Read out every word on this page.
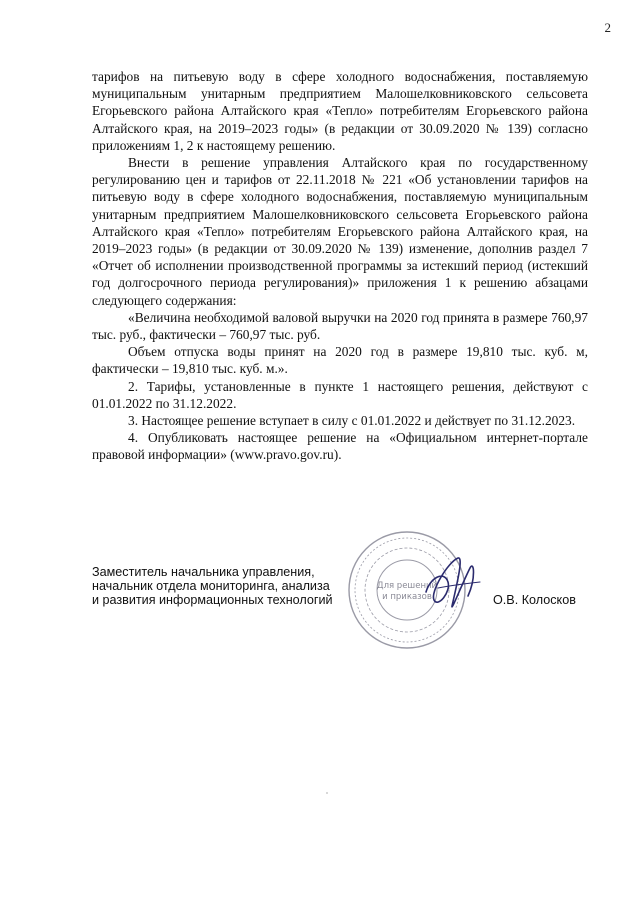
2

тарифов на питьевую воду в сфере холодного водоснабжения, поставляемую муниципальным унитарным предприятием Малошелковниковского сельсовета Егорьевского района Алтайского края «Тепло» потребителям Егорьевского района Алтайского края, на 2019–2023 годы» (в редакции от 30.09.2020 № 139) согласно приложениям 1, 2 к настоящему решению.

Внести в решение управления Алтайского края по государственному регулированию цен и тарифов от 22.11.2018 № 221 «Об установлении тарифов на питьевую воду в сфере холодного водоснабжения, поставляемую муниципальным унитарным предприятием Малошелковниковского сельсовета Егорьевского района Алтайского края «Тепло» потребителям Егорьевского района Алтайского края, на 2019–2023 годы» (в редакции от 30.09.2020 № 139) изменение, дополнив раздел 7 «Отчет об исполнении производственной программы за истекший период (истекший год долгосрочного периода регулирования)» приложения 1 к решению абзацами следующего содержания:

«Величина необходимой валовой выручки на 2020 год принята в размере 760,97 тыс. руб., фактически – 760,97 тыс. руб.

Объем отпуска воды принят на 2020 год в размере 19,810 тыс. куб. м, фактически – 19,810 тыс. куб. м.».

2. Тарифы, установленные в пункте 1 настоящего решения, действуют с 01.01.2022 по 31.12.2022.

3. Настоящее решение вступает в силу с 01.01.2022 и действует по 31.12.2023.

4. Опубликовать настоящее решение на «Официальном интернет-портале правовой информации» (www.pravo.gov.ru).

Для решений
и приказов
Заместитель начальника управления,
начальник отдела мониторинга, анализа
и развития информационных технологий	О.В. Колосков
